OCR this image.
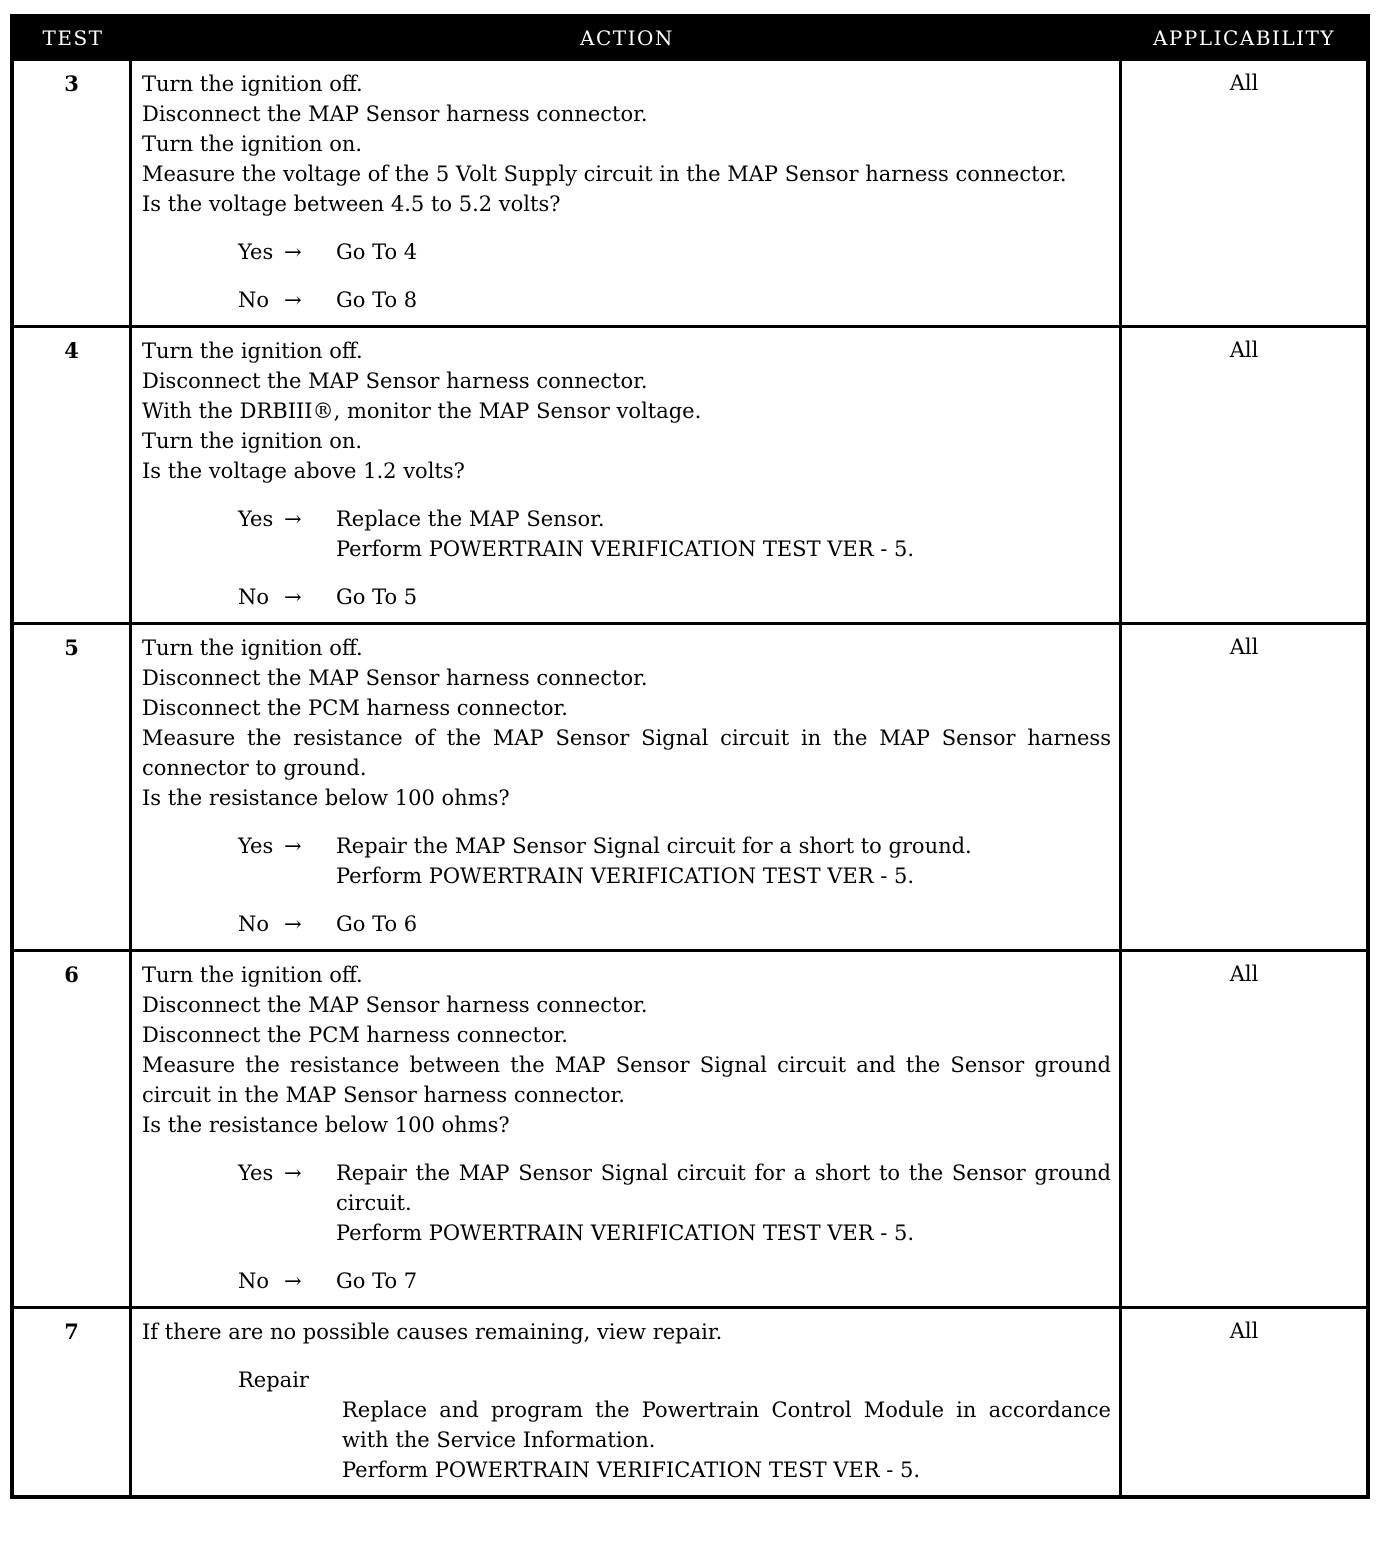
TEST	ACTION	APPLICABILITY
3	Turn the ignition off.
Disconnect the MAP Sensor harness connector.
Turn the ignition on.
Measure the voltage of the 5 Volt Supply circuit in the MAP Sensor harness connector.
Is the voltage between 4.5 to 5.2 volts?
Yes →	Go To 4
No →	Go To 8
All
4	Turn the ignition off.
Disconnect the MAP Sensor harness connector.
With the DRBIII®, monitor the MAP Sensor voltage.
Turn the ignition on.
Is the voltage above 1.2 volts?
Yes →	Replace the MAP Sensor.
Perform POWERTRAIN VERIFICATION TEST VER - 5.
No →	Go To 5
All
5	Turn the ignition off.
Disconnect the MAP Sensor harness connector.
Disconnect the PCM harness connector.
Measure the resistance of the MAP Sensor Signal circuit in the MAP Sensor harness connector to ground.
Is the resistance below 100 ohms?
Yes →	Repair the MAP Sensor Signal circuit for a short to ground.
Perform POWERTRAIN VERIFICATION TEST VER - 5.
No →	Go To 6
All
6	Turn the ignition off.
Disconnect the MAP Sensor harness connector.
Disconnect the PCM harness connector.
Measure the resistance between the MAP Sensor Signal circuit and the Sensor ground circuit in the MAP Sensor harness connector.
Is the resistance below 100 ohms?
Yes →	Repair the MAP Sensor Signal circuit for a short to the Sensor ground circuit.
Perform POWERTRAIN VERIFICATION TEST VER - 5.
No →	Go To 7
All
7	If there are no possible causes remaining, view repair.
Repair
Replace and program the Powertrain Control Module in accordance with the Service Information.
Perform POWERTRAIN VERIFICATION TEST VER - 5.
All
